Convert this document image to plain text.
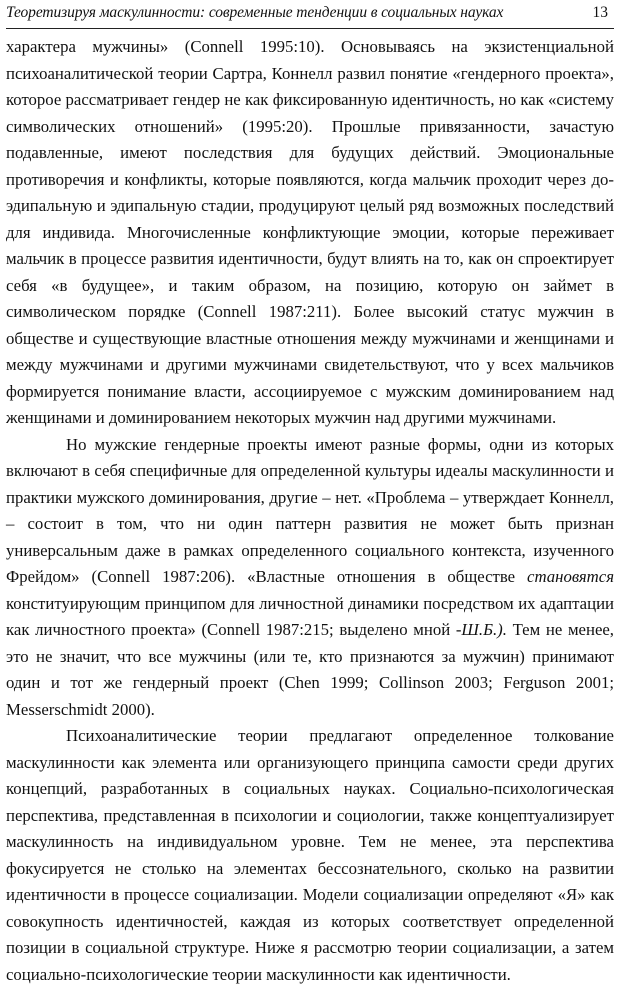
Теоретизируя маскулинности: современные тенденции в социальных науках	13

характера мужчины» (Connell 1995:10). Основываясь на экзистенциальной психоаналитической теории Сартра, Коннелл развил понятие «гендерного проекта», которое рассматривает гендер не как фиксированную идентичность, но как «систему символических отношений» (1995:20). Прошлые привязанности, зачастую подавленные, имеют последствия для будущих действий. Эмоциональные противоречия и конфликты, которые появляются, когда мальчик проходит через до-эдипальную и эдипальную стадии, продуцируют целый ряд возможных последствий для индивида. Многочисленные конфликтующие эмоции, которые переживает мальчик в процессе развития идентичности, будут влиять на то, как он спроектирует себя «в будущее», и таким образом, на позицию, которую он займет в символическом порядке (Connell 1987:211). Более высокий статус мужчин в обществе и существующие властные отношения между мужчинами и женщинами и между мужчинами и другими мужчинами свидетельствуют, что у всех мальчиков формируется понимание власти, ассоциируемое с мужским доминированием над женщинами и доминированием некоторых мужчин над другими мужчинами.

Но мужские гендерные проекты имеют разные формы, одни из которых включают в себя специфичные для определенной культуры идеалы маскулинности и практики мужского доминирования, другие – нет. «Проблема – утверждает Коннелл, – состоит в том, что ни один паттерн развития не может быть признан универсальным даже в рамках определенного социального контекста, изученного Фрейдом» (Connell 1987:206). «Властные отношения в обществе становятся конституирующим принципом для личностной динамики посредством их адаптации как личностного проекта» (Connell 1987:215; выделено мной -Ш.Б.). Тем не менее, это не значит, что все мужчины (или те, кто признаются за мужчин) принимают один и тот же гендерный проект (Chen 1999; Collinson 2003; Ferguson 2001; Messerschmidt 2000).

Психоаналитические теории предлагают определенное толкование маскулинности как элемента или организующего принципа самости среди других концепций, разработанных в социальных науках. Социально-психологическая перспектива, представленная в психологии и социологии, также концептуализирует маскулинность на индивидуальном уровне. Тем не менее, эта перспектива фокусируется не столько на элементах бессознательного, сколько на развитии идентичности в процессе социализации. Модели социализации определяют «Я» как совокупность идентичностей, каждая из которых соответствует определенной позиции в социальной структуре. Ниже я рассмотрю теории социализации, а затем социально-психологические теории маскулинности как идентичности.
